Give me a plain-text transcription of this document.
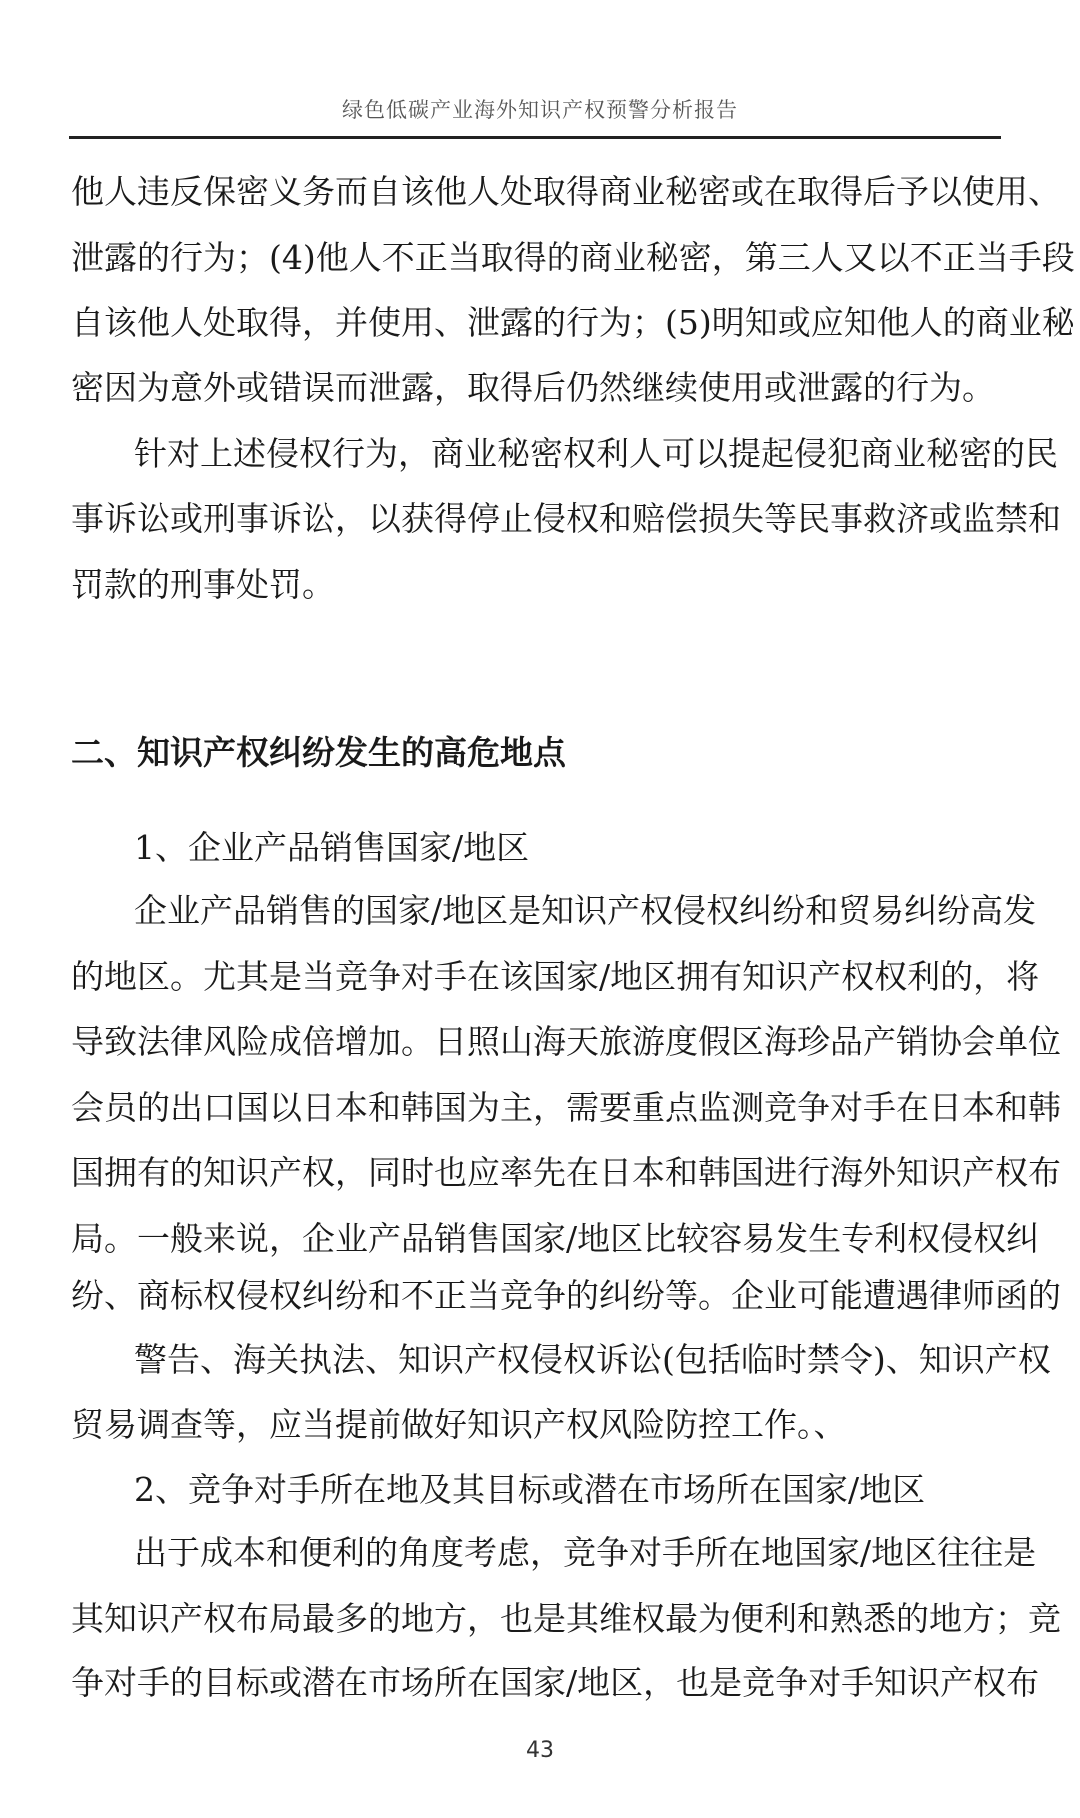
绿色低碳产业海外知识产权预警分析报告
他人违反保密义务而自该他人处取得商业秘密或在取得后予以使用、
泄露的行为；(4)他人不正当取得的商业秘密，第三人又以不正当手段
自该他人处取得，并使用、泄露的行为；(5)明知或应知他人的商业秘
密因为意外或错误而泄露，取得后仍然继续使用或泄露的行为。
针对上述侵权行为，商业秘密权利人可以提起侵犯商业秘密的民
事诉讼或刑事诉讼，以获得停止侵权和赔偿损失等民事救济或监禁和
罚款的刑事处罚。
二、知识产权纠纷发生的高危地点
1、企业产品销售国家/地区
企业产品销售的国家/地区是知识产权侵权纠纷和贸易纠纷高发
的地区。尤其是当竞争对手在该国家/地区拥有知识产权权利的，将
导致法律风险成倍增加。日照山海天旅游度假区海珍品产销协会单位
会员的出口国以日本和韩国为主，需要重点监测竞争对手在日本和韩
国拥有的知识产权，同时也应率先在日本和韩国进行海外知识产权布
局。一般来说，企业产品销售国家/地区比较容易发生专利权侵权纠
纷、商标权侵权纠纷和不正当竞争的纠纷等。企业可能遭遇律师函的
警告、海关执法、知识产权侵权诉讼(包括临时禁令)、知识产权
贸易调查等，应当提前做好知识产权风险防控工作。、
2、竞争对手所在地及其目标或潜在市场所在国家/地区
出于成本和便利的角度考虑，竞争对手所在地国家/地区往往是
其知识产权布局最多的地方，也是其维权最为便利和熟悉的地方；竞
争对手的目标或潜在市场所在国家/地区，也是竞争对手知识产权布
43
